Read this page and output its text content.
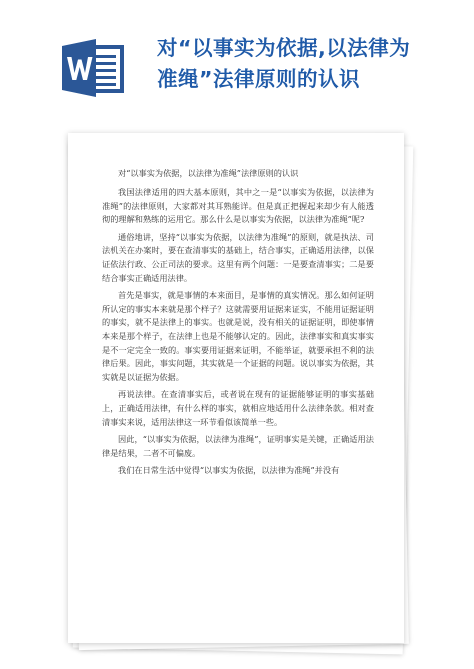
对“以事实为依据,以法律为
准绳”法律原则的认识
对“以事实为依据，以法律为准绳”法律原则的认识

我国法律适用的四大基本原则，其中之一是“以事实为依据，以法律为准绳”的法律原则，大家都对其耳熟能详。但是真正把握起来却少有人能透彻的理解和熟练的运用它。那么什么是以事实为依据，以法律为准绳”呢?

通俗地讲，坚持“以事实为依据，以法律为准绳”的原则，就是执法、司法机关在办案时，要在查清事实的基础上，结合事实，正确适用法律，以保证依法行政、公正司法的要求。这里有两个问题：一是要查清事实；二是要结合事实正确适用法律。

首先是事实，就是事情的本来面目，是事情的真实情况。那么如何证明所认定的事实本来就是那个样子？这就需要用证据来证实，不能用证据证明的事实，就不是法律上的事实。也就是说，没有相关的证据证明，即使事情本来是那个样子，在法律上也是不能够认定的。因此，法律事实和真实事实是不一定完全一致的。事实要用证据来证明，不能举证，就要承担不利的法律后果。因此，事实问题，其实就是一个证据的问题。说以事实为依据，其实就是以证据为依据。

再说法律。在查清事实后，或者说在现有的证据能够证明的事实基础上，正确适用法律，有什么样的事实，就相应地适用什么法律条款。相对查清事实来说，适用法律这一环节看似该简单一些。

因此，“以事实为依据，以法律为准绳”，证明事实是关键，正确适用法律是结果，二者不可偏废。

我们在日常生活中觉得“以事实为依据，以法律为准绳”并没有
